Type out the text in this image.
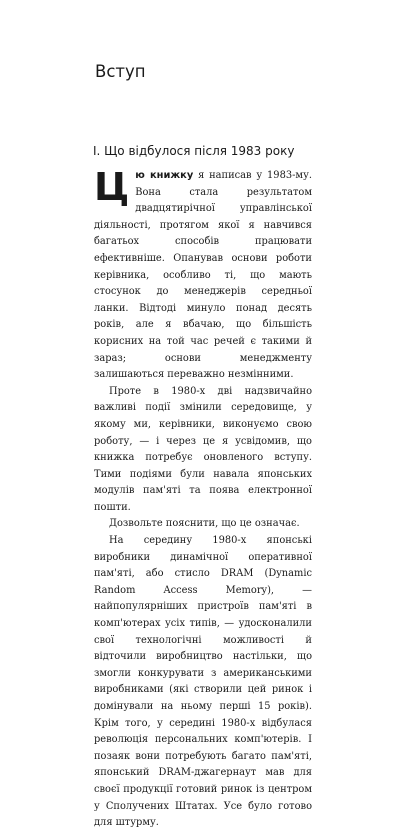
Вступ
I. Що відбулося після 1983 року

Цю книжку я написав у 1983-му. Вона стала результатом двадцятирічної управлінської діяльності, протягом якої я навчився багатьох способів працювати ефективніше. Опанував основи роботи керівника, особливо ті, що мають стосунок до менеджерів середньої ланки. Відтоді минуло понад десять років, але я вбачаю, що більшість корисних на той час речей є такими й зараз; основи менеджменту залишаються переважно незмінними.

Проте в 1980-х дві надзвичайно важливі події змінили середовище, у якому ми, керівники, виконуємо свою роботу, — і через це я усвідомив, що книжка потребує оновленого вступу. Тими подіями були навала японських модулів пам'яті та поява електронної пошти.

Дозвольте пояснити, що це означає.

На середину 1980-х японські виробники динамічної оперативної пам'яті, або стисло DRAM (Dynamic Random Access Memory), — найпопулярніших пристроїв пам'яті в комп'ютерах усіх типів, — удосконалили свої технологічні можливості й відточили виробництво настільки, що змогли конкурувати з американськими виробниками (які створили цей ринок і домінували на ньому перші 15 років). Крім того, у середині 1980-х відбулася революція персональних комп'ютерів. І позаяк вони потребують багато пам'яті, японський DRAM-джагернаут мав для своєї продукції готовий ринок із центром у Сполучених Штатах. Усе було готово для штурму.
